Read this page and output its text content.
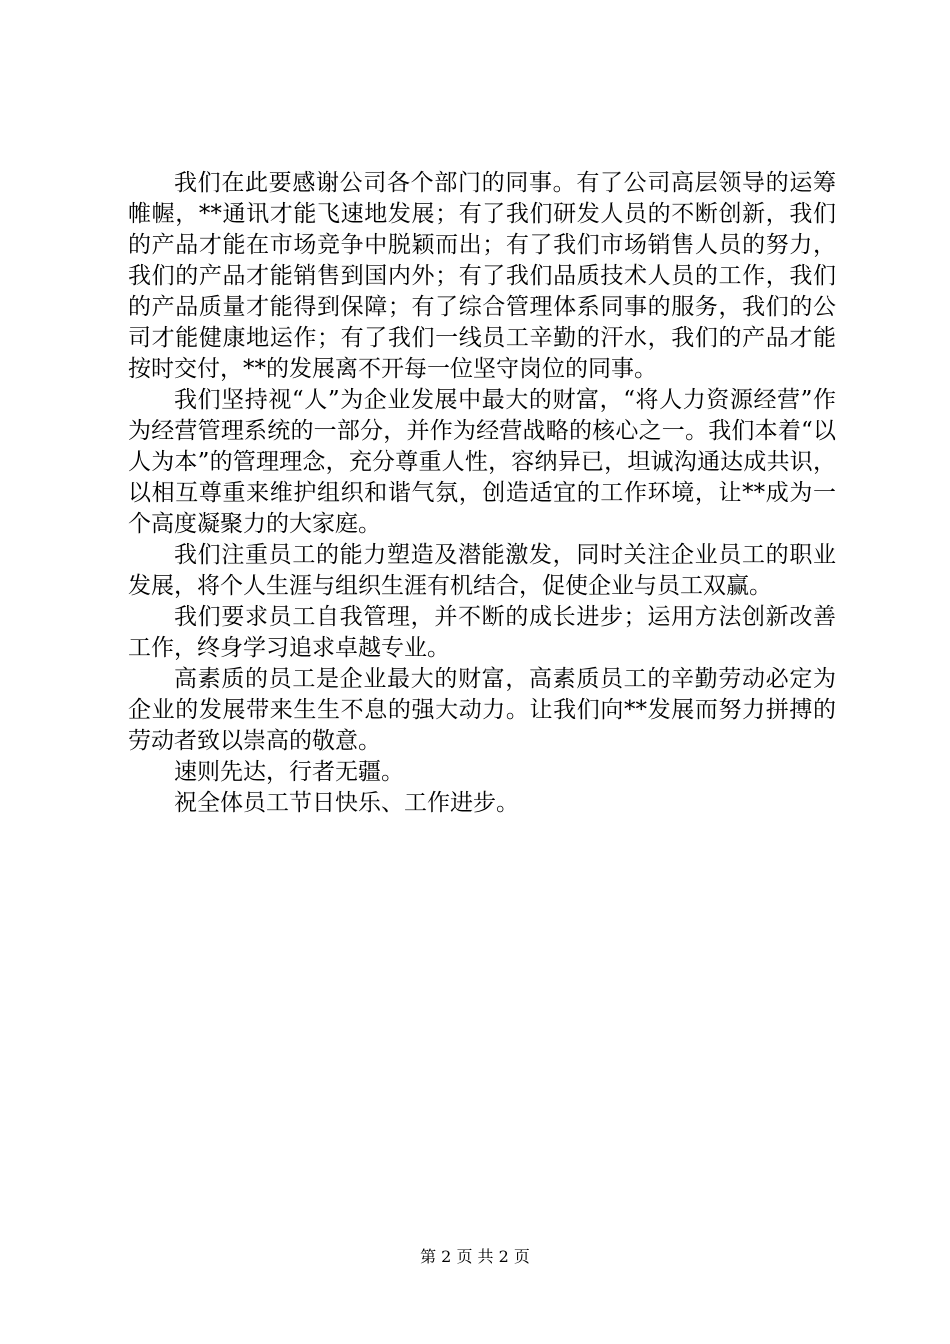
我们在此要感谢公司各个部门的同事。有了公司高层领导的运筹帷幄，**通讯才能飞速地发展；有了我们研发人员的不断创新，我们的产品才能在市场竞争中脱颖而出；有了我们市场销售人员的努力，我们的产品才能销售到国内外；有了我们品质技术人员的工作，我们的产品质量才能得到保障；有了综合管理体系同事的服务，我们的公司才能健康地运作；有了我们一线员工辛勤的汗水，我们的产品才能按时交付，**的发展离不开每一位坚守岗位的同事。

我们坚持视“人”为企业发展中最大的财富，“将人力资源经营”作为经营管理系统的一部分，并作为经营战略的核心之一。我们本着“以人为本”的管理理念，充分尊重人性，容纳异已，坦诚沟通达成共识，以相互尊重来维护组织和谐气氛，创造适宜的工作环境，让**成为一个高度凝聚力的大家庭。

我们注重员工的能力塑造及潜能激发，同时关注企业员工的职业发展，将个人生涯与组织生涯有机结合，促使企业与员工双赢。

我们要求员工自我管理，并不断的成长进步；运用方法创新改善工作，终身学习追求卓越专业。

高素质的员工是企业最大的财富，高素质员工的辛勤劳动必定为企业的发展带来生生不息的强大动力。让我们向**发展而努力拼搏的劳动者致以崇高的敬意。

速则先达，行者无疆。

祝全体员工节日快乐、工作进步。

第 2 页 共 2 页
